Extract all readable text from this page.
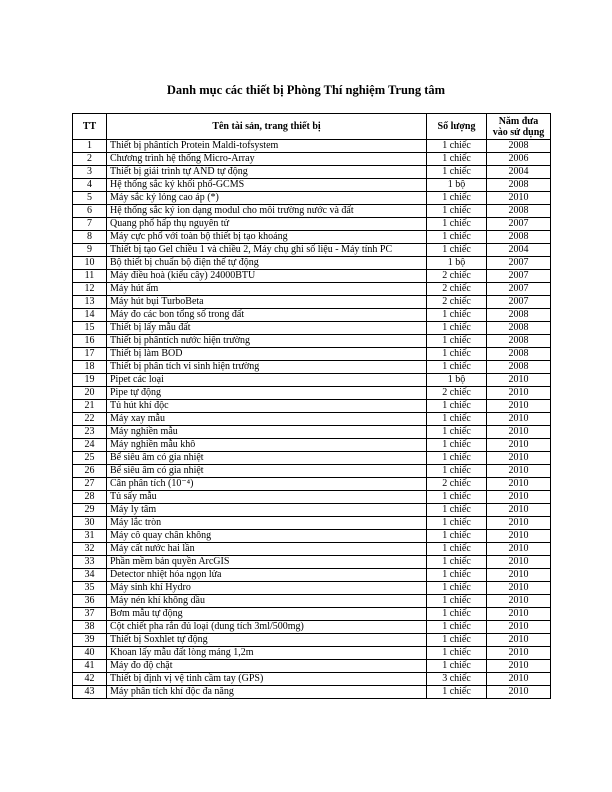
Danh mục các thiết bị Phòng Thí nghiệm Trung tâm
TT	Tên tài sản, trang thiết bị	Số lượng	Năm đưa
vào sử dụng
1	Thiết bị phântích Protein Maldi-tofsystem	1 chiếc	2008
2	Chương trình hệ thống Micro-Array	1 chiếc	2006
3	Thiết bị giải trình tự AND tự động	1 chiếc	2004
4	Hệ thống sắc ký khối phổ-GCMS	1 bộ	2008
5	Máy sắc ký lỏng cao áp (*)	1 chiếc	2010
6	Hệ thống sắc ký ion dạng modul cho môi trường nước và đất	1 chiếc	2008
7	Quang phổ hấp thụ nguyên tử	1 chiếc	2007
8	Máy cực phổ với toàn bộ thiết bị tạo khoáng	1 chiếc	2008
9	Thiết bị tạo Gel chiều 1 và chiều 2, Máy chụ ghi số liệu - Máy tính PC	1 chiếc	2004
10	Bộ thiết bị chuẩn bộ điện thế tự động	1 bộ	2007
11	Máy điều hoà (kiểu cây) 24000BTU	2 chiếc	2007
12	Máy hút ẩm	2 chiếc	2007
13	Máy hút bụi TurboBeta	2 chiếc	2007
14	Máy đo các bon tổng số trong đất	1 chiếc	2008
15	Thiết bị lấy mẫu đất	1 chiếc	2008
16	Thiết bị phântích nước hiện trường	1 chiếc	2008
17	Thiết bị làm BOD	1 chiếc	2008
18	Thiết bị phân tích vi sinh hiện trường	1 chiếc	2008
19	Pipet các loại	1 bộ	2010
20	Pipe tự động	2 chiếc	2010
21	Tủ hút khí độc	1 chiếc	2010
22	Máy xay mẫu	1 chiếc	2010
23	Máy nghiền mẫu	1 chiếc	2010
24	Máy nghiền mẫu khô	1 chiếc	2010
25	Bể siêu âm có gia nhiệt	1 chiếc	2010
26	Bể siêu âm có gia nhiệt	1 chiếc	2010
27	Cân phân tích (10⁻⁴)	2 chiếc	2010
28	Tủ sấy mẫu	1 chiếc	2010
29	Máy ly tâm	1 chiếc	2010
30	Máy lắc tròn	1 chiếc	2010
31	Máy cô quay chân không	1 chiếc	2010
32	Máy cất nước hai lần	1 chiếc	2010
33	Phần mềm bản quyền ArcGIS	1 chiếc	2010
34	Detector nhiệt hóa ngọn lửa	1 chiếc	2010
35	Máy sinh khí Hydro	1 chiếc	2010
36	Máy nén khí không dầu	1 chiếc	2010
37	Bơm mẫu tự động	1 chiếc	2010
38	Cột chiết pha rắn đủ loại (dung tích 3ml/500mg)	1 chiếc	2010
39	Thiết bị Soxhlet tự động	1 chiếc	2010
40	Khoan lấy mẫu đất lòng máng 1,2m	1 chiếc	2010
41	Máy đo độ chặt	1 chiếc	2010
42	Thiết bị định vị vệ tinh cầm tay (GPS)	3 chiếc	2010
43	Máy phân tích khí độc đa năng	1 chiếc	2010
